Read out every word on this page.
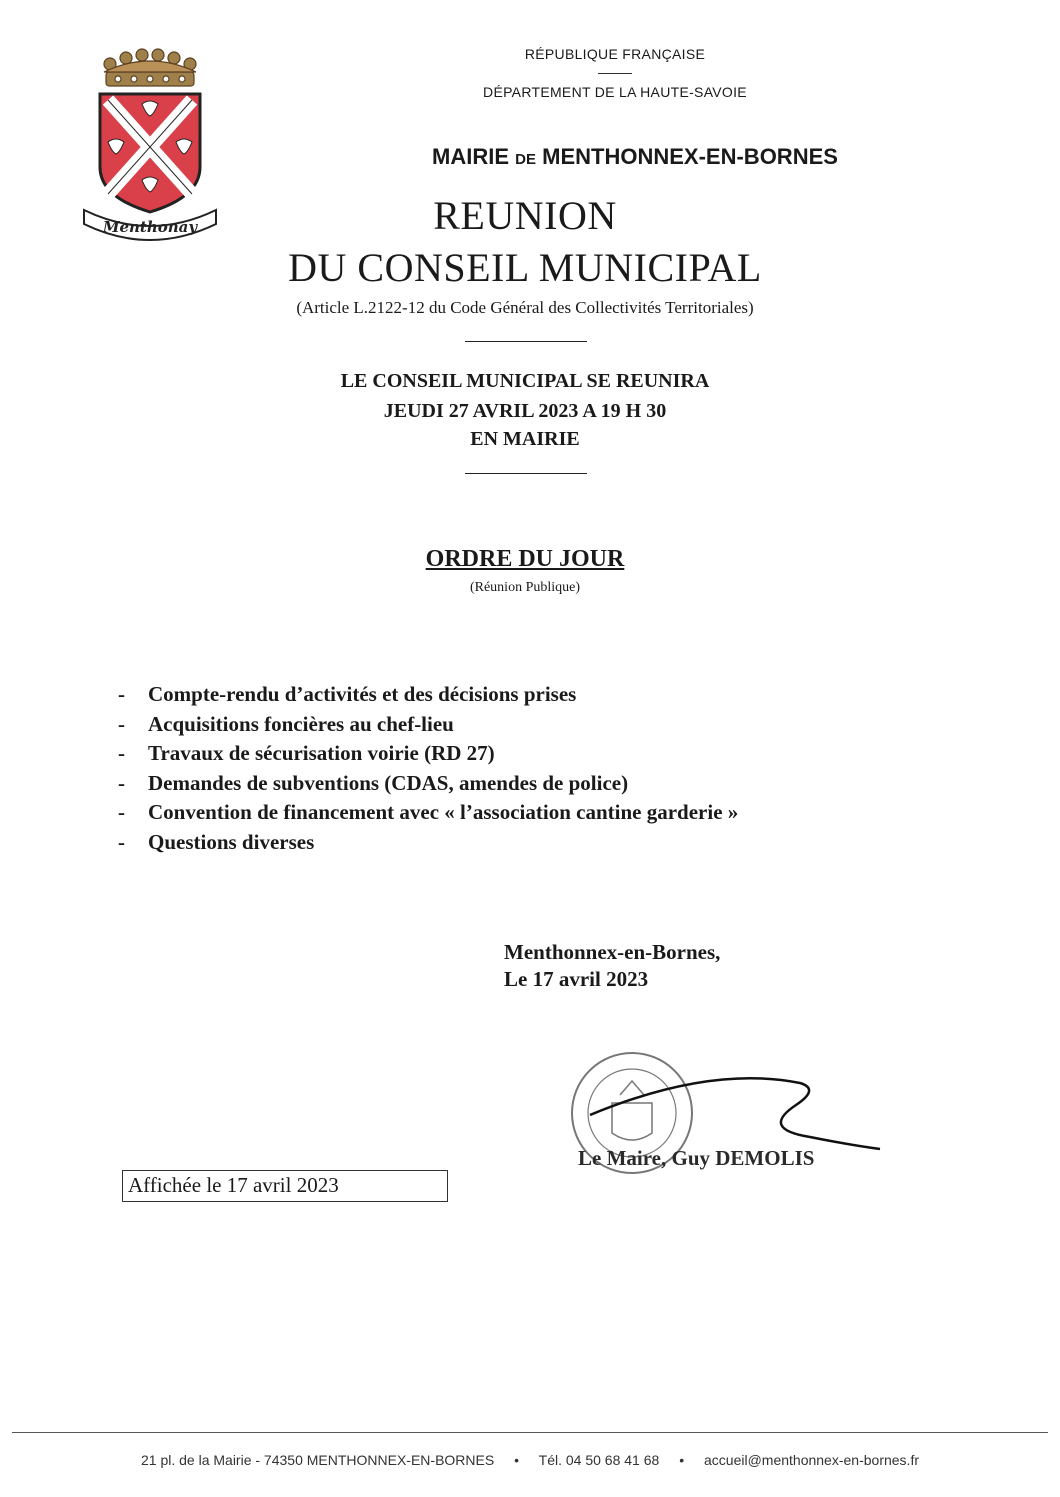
Menthonay
RÉPUBLIQUE FRANÇAISE
DÉPARTEMENT DE LA HAUTE-SAVOIE
MAIRIE DE MENTHONNEX-EN-BORNES
REUNION
DU CONSEIL MUNICIPAL
(Article L.2122-12 du Code Général des Collectivités Territoriales)
LE CONSEIL MUNICIPAL SE REUNIRA
JEUDI 27 AVRIL 2023 A 19 H 30
EN MAIRIE
ORDRE DU JOUR
(Réunion Publique)
- Compte-rendu d’activités et des décisions prises
- Acquisitions foncières au chef-lieu
- Travaux de sécurisation voirie (RD 27)
- Demandes de subventions (CDAS, amendes de police)
- Convention de financement avec « l’association cantine garderie »
- Questions diverses
Menthonnex-en-Bornes,
Le 17 avril 2023
Le Maire, Guy DEMOLIS
Affichée le 17 avril 2023
21 pl. de la Mairie - 74350 MENTHONNEX-EN-BORNES • Tél. 04 50 68 41 68 • accueil@menthonnex-en-bornes.fr
